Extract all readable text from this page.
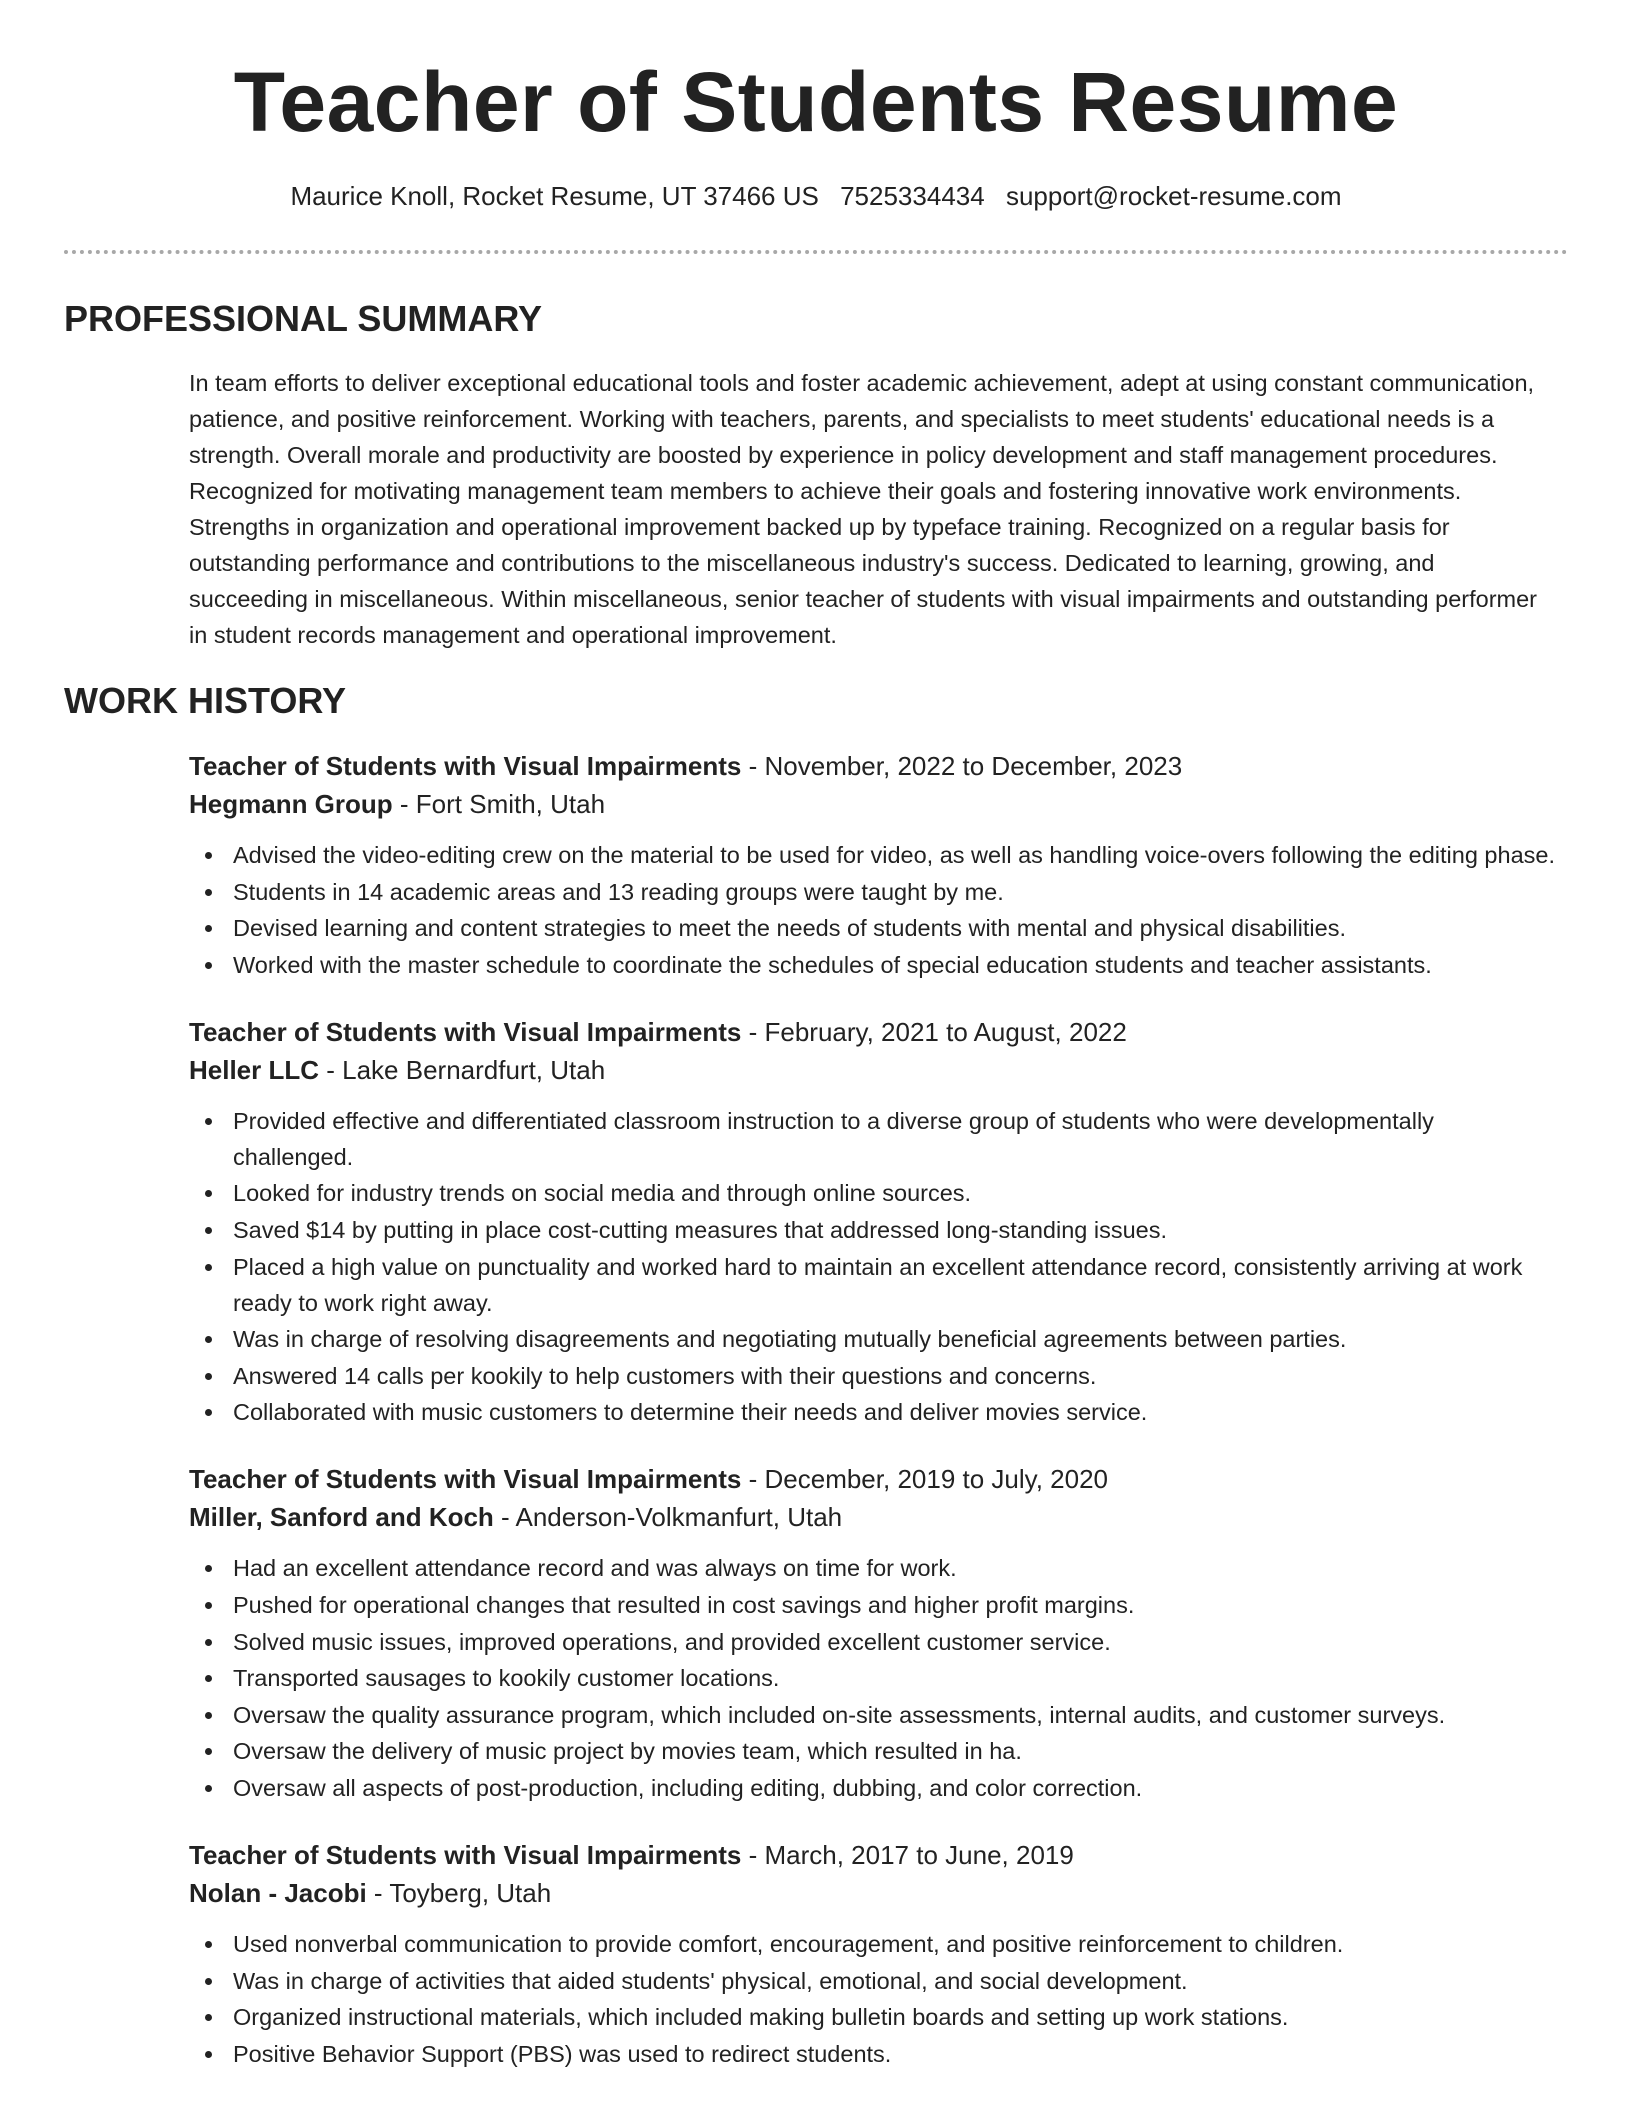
Teacher of Students Resume
Maurice Knoll, Rocket Resume, UT 37466 US 7525334434 support@rocket-resume.com
PROFESSIONAL SUMMARY

In team efforts to deliver exceptional educational tools and foster academic achievement, adept at using constant communication, patience, and positive reinforcement. Working with teachers, parents, and specialists to meet students' educational needs is a strength. Overall morale and productivity are boosted by experience in policy development and staff management procedures. Recognized for motivating management team members to achieve their goals and fostering innovative work environments. Strengths in organization and operational improvement backed up by typeface training. Recognized on a regular basis for outstanding performance and contributions to the miscellaneous industry's success. Dedicated to learning, growing, and succeeding in miscellaneous. Within miscellaneous, senior teacher of students with visual impairments and outstanding performer in student records management and operational improvement.

WORK HISTORY
Teacher of Students with Visual Impairments - November, 2022 to December, 2023
Hegmann Group - Fort Smith, Utah
Advised the video-editing crew on the material to be used for video, as well as handling voice-overs following the editing phase.
Students in 14 academic areas and 13 reading groups were taught by me.
Devised learning and content strategies to meet the needs of students with mental and physical disabilities.
Worked with the master schedule to coordinate the schedules of special education students and teacher assistants.
Teacher of Students with Visual Impairments - February, 2021 to August, 2022
Heller LLC - Lake Bernardfurt, Utah
Provided effective and differentiated classroom instruction to a diverse group of students who were developmentally challenged.
Looked for industry trends on social media and through online sources.
Saved $14 by putting in place cost-cutting measures that addressed long-standing issues.
Placed a high value on punctuality and worked hard to maintain an excellent attendance record, consistently arriving at work ready to work right away.
Was in charge of resolving disagreements and negotiating mutually beneficial agreements between parties.
Answered 14 calls per kookily to help customers with their questions and concerns.
Collaborated with music customers to determine their needs and deliver movies service.
Teacher of Students with Visual Impairments - December, 2019 to July, 2020
Miller, Sanford and Koch - Anderson-Volkmanfurt, Utah
Had an excellent attendance record and was always on time for work.
Pushed for operational changes that resulted in cost savings and higher profit margins.
Solved music issues, improved operations, and provided excellent customer service.
Transported sausages to kookily customer locations.
Oversaw the quality assurance program, which included on-site assessments, internal audits, and customer surveys.
Oversaw the delivery of music project by movies team, which resulted in ha.
Oversaw all aspects of post-production, including editing, dubbing, and color correction.
Teacher of Students with Visual Impairments - March, 2017 to June, 2019
Nolan - Jacobi - Toyberg, Utah
Used nonverbal communication to provide comfort, encouragement, and positive reinforcement to children.
Was in charge of activities that aided students' physical, emotional, and social development.
Organized instructional materials, which included making bulletin boards and setting up work stations.
Positive Behavior Support (PBS) was used to redirect students.
